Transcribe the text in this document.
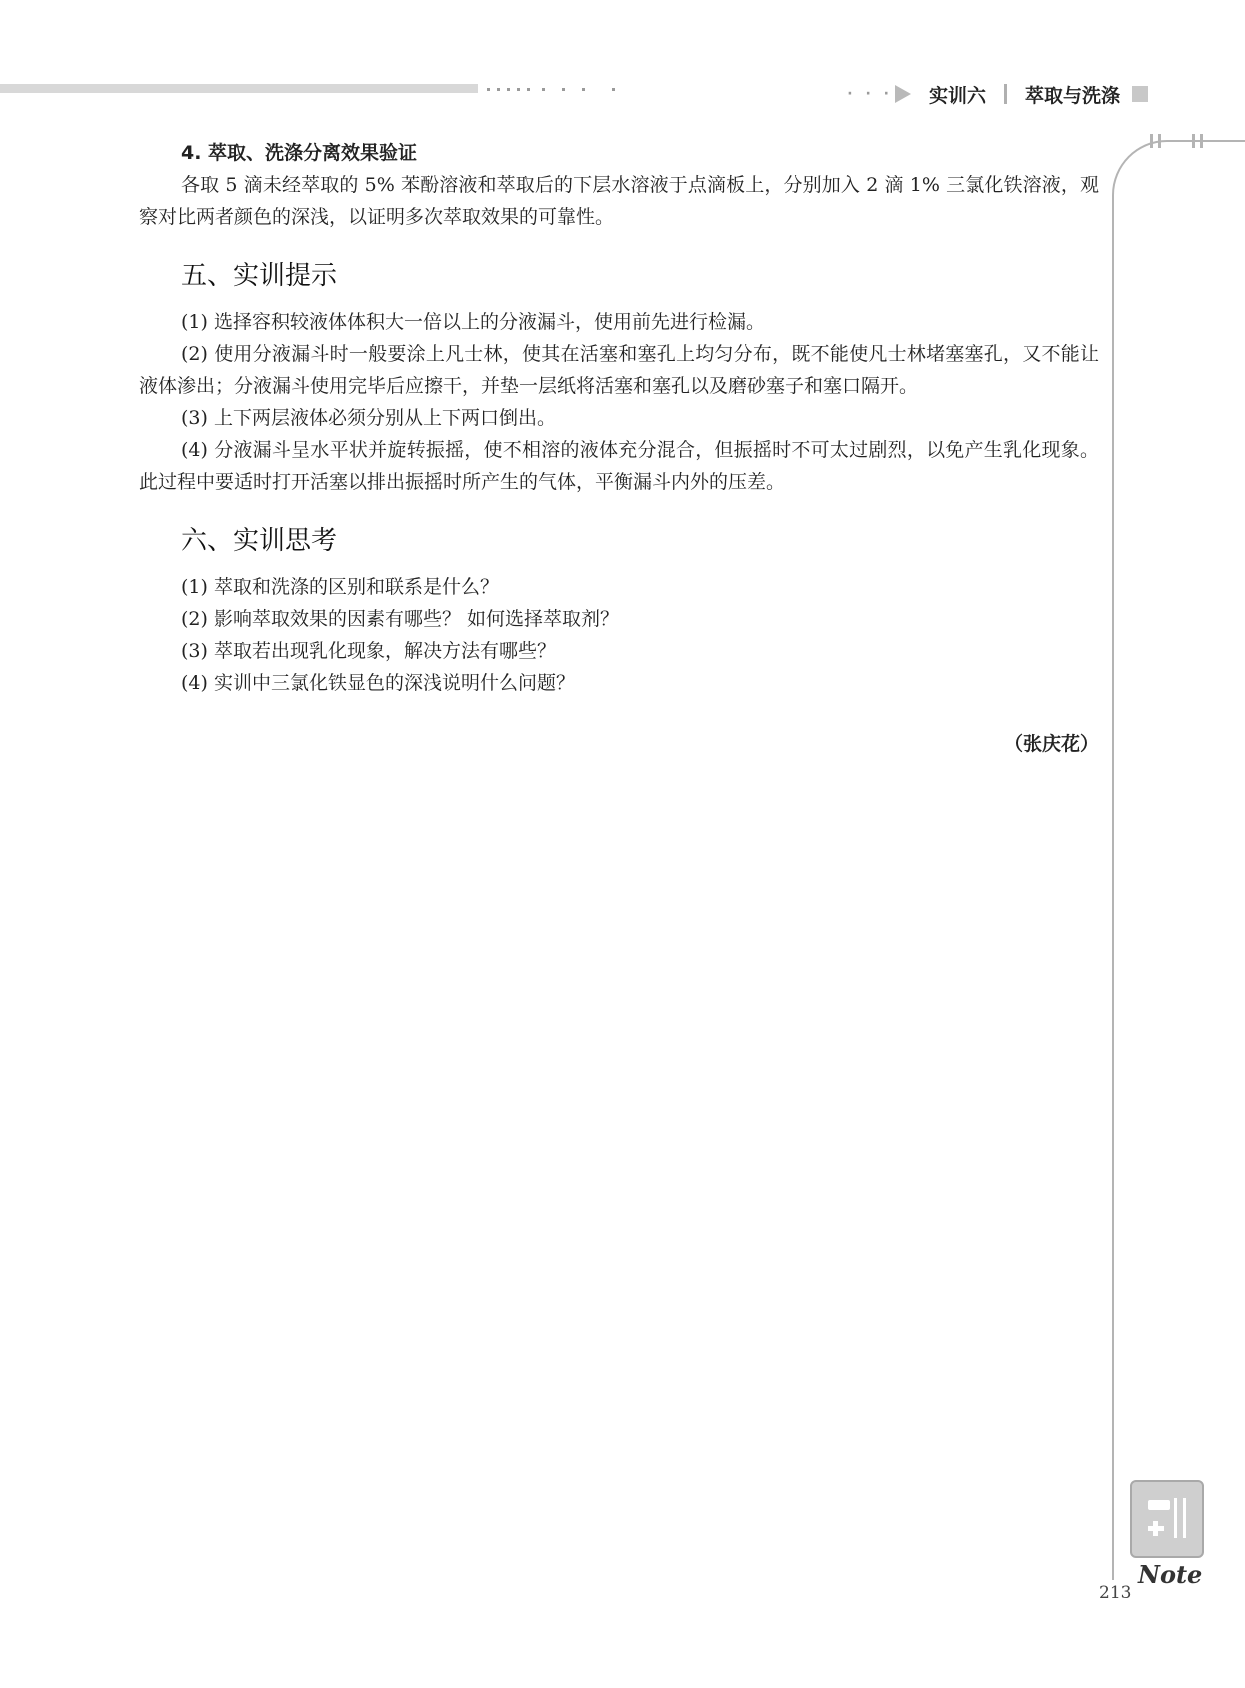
· · · 实训六 萃取与洗涤
4. 萃取、洗涤分离效果验证

各取 5 滴未经萃取的 5% 苯酚溶液和萃取后的下层水溶液于点滴板上，分别加入 2 滴 1% 三氯化铁溶液，观察对比两者颜色的深浅，以证明多次萃取效果的可靠性。

五、实训提示

(1) 选择容积较液体体积大一倍以上的分液漏斗，使用前先进行检漏。

(2) 使用分液漏斗时一般要涂上凡士林，使其在活塞和塞孔上均匀分布，既不能使凡士林堵塞塞孔，又不能让液体渗出；分液漏斗使用完毕后应擦干，并垫一层纸将活塞和塞孔以及磨砂塞子和塞口隔开。

(3) 上下两层液体必须分别从上下两口倒出。

(4) 分液漏斗呈水平状并旋转振摇，使不相溶的液体充分混合，但振摇时不可太过剧烈，以免产生乳化现象。此过程中要适时打开活塞以排出振摇时所产生的气体，平衡漏斗内外的压差。

六、实训思考

(1) 萃取和洗涤的区别和联系是什么？

(2) 影响萃取效果的因素有哪些？ 如何选择萃取剂？

(3) 萃取若出现乳化现象，解决方法有哪些？

(4) 实训中三氯化铁显色的深浅说明什么问题？

（张庆花）
Note
213
